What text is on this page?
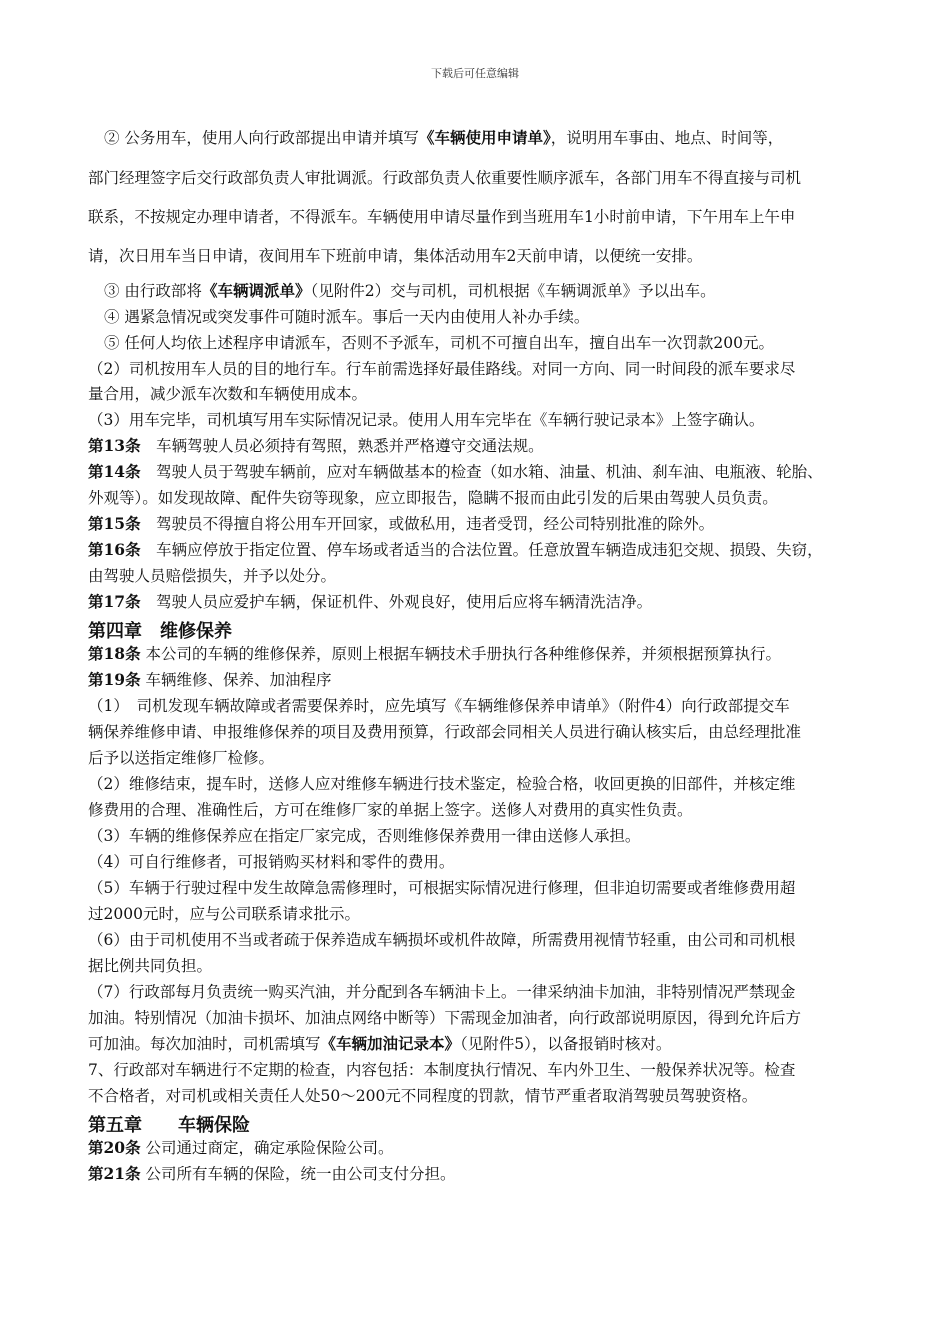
下载后可任意编辑
② 公务用车，使用人向行政部提出申请并填写《车辆使用申请单》，说明用车事由、地点、时间等，
部门经理签字后交行政部负责人审批调派。行政部负责人依重要性顺序派车，各部门用车不得直接与司机
联系，不按规定办理申请者，不得派车。车辆使用申请尽量作到当班用车1小时前申请，下午用车上午申
请，次日用车当日申请，夜间用车下班前申请，集体活动用车2天前申请，以便统一安排。
③ 由行政部将《车辆调派单》（见附件2）交与司机，司机根据《车辆调派单》予以出车。
④ 遇紧急情况或突发事件可随时派车。事后一天内由使用人补办手续。
⑤ 任何人均依上述程序申请派车，否则不予派车，司机不可擅自出车，擅自出车一次罚款200元。
（2）司机按用车人员的目的地行车。行车前需选择好最佳路线。对同一方向、同一时间段的派车要求尽
量合用，减少派车次数和车辆使用成本。
（3）用车完毕，司机填写用车实际情况记录。使用人用车完毕在《车辆行驶记录本》上签字确认。
第13条　车辆驾驶人员必须持有驾照，熟悉并严格遵守交通法规。
第14条　驾驶人员于驾驶车辆前，应对车辆做基本的检查（如水箱、油量、机油、刹车油、电瓶液、轮胎、
外观等）。如发现故障、配件失窃等现象，应立即报告，隐瞒不报而由此引发的后果由驾驶人员负责。
第15条　驾驶员不得擅自将公用车开回家，或做私用，违者受罚，经公司特别批准的除外。
第16条　车辆应停放于指定位置、停车场或者适当的合法位置。任意放置车辆造成违犯交规、损毁、失窃，
由驾驶人员赔偿损失，并予以处分。
第17条　驾驶人员应爱护车辆，保证机件、外观良好，使用后应将车辆清洗洁净。
第四章　维修保养
第18条 本公司的车辆的维修保养，原则上根据车辆技术手册执行各种维修保养，并须根据预算执行。
第19条 车辆维修、保养、加油程序
（1）　司机发现车辆故障或者需要保养时，应先填写《车辆维修保养申请单》（附件4）向行政部提交车
辆保养维修申请、申报维修保养的项目及费用预算，行政部会同相关人员进行确认核实后，由总经理批准
后予以送指定维修厂检修。
（2）维修结束，提车时，送修人应对维修车辆进行技术鉴定，检验合格，收回更换的旧部件，并核定维
修费用的合理、准确性后，方可在维修厂家的单据上签字。送修人对费用的真实性负责。
（3）车辆的维修保养应在指定厂家完成，否则维修保养费用一律由送修人承担。
（4）可自行维修者，可报销购买材料和零件的费用。
（5）车辆于行驶过程中发生故障急需修理时，可根据实际情况进行修理，但非迫切需要或者维修费用超
过2000元时，应与公司联系请求批示。
（6）由于司机使用不当或者疏于保养造成车辆损坏或机件故障，所需费用视情节轻重，由公司和司机根
据比例共同负担。
（7）行政部每月负责统一购买汽油，并分配到各车辆油卡上。一律采纳油卡加油，非特别情况严禁现金
加油。特别情况（加油卡损坏、加油点网络中断等）下需现金加油者，向行政部说明原因，得到允许后方
可加油。每次加油时，司机需填写《车辆加油记录本》（见附件5），以备报销时核对。
7、行政部对车辆进行不定期的检查，内容包括：本制度执行情况、车内外卫生、一般保养状况等。检查
不合格者，对司机或相关责任人处50～200元不同程度的罚款，情节严重者取消驾驶员驾驶资格。
第五章　　车辆保险
第20条 公司通过商定，确定承险保险公司。
第21条 公司所有车辆的保险，统一由公司支付分担。
